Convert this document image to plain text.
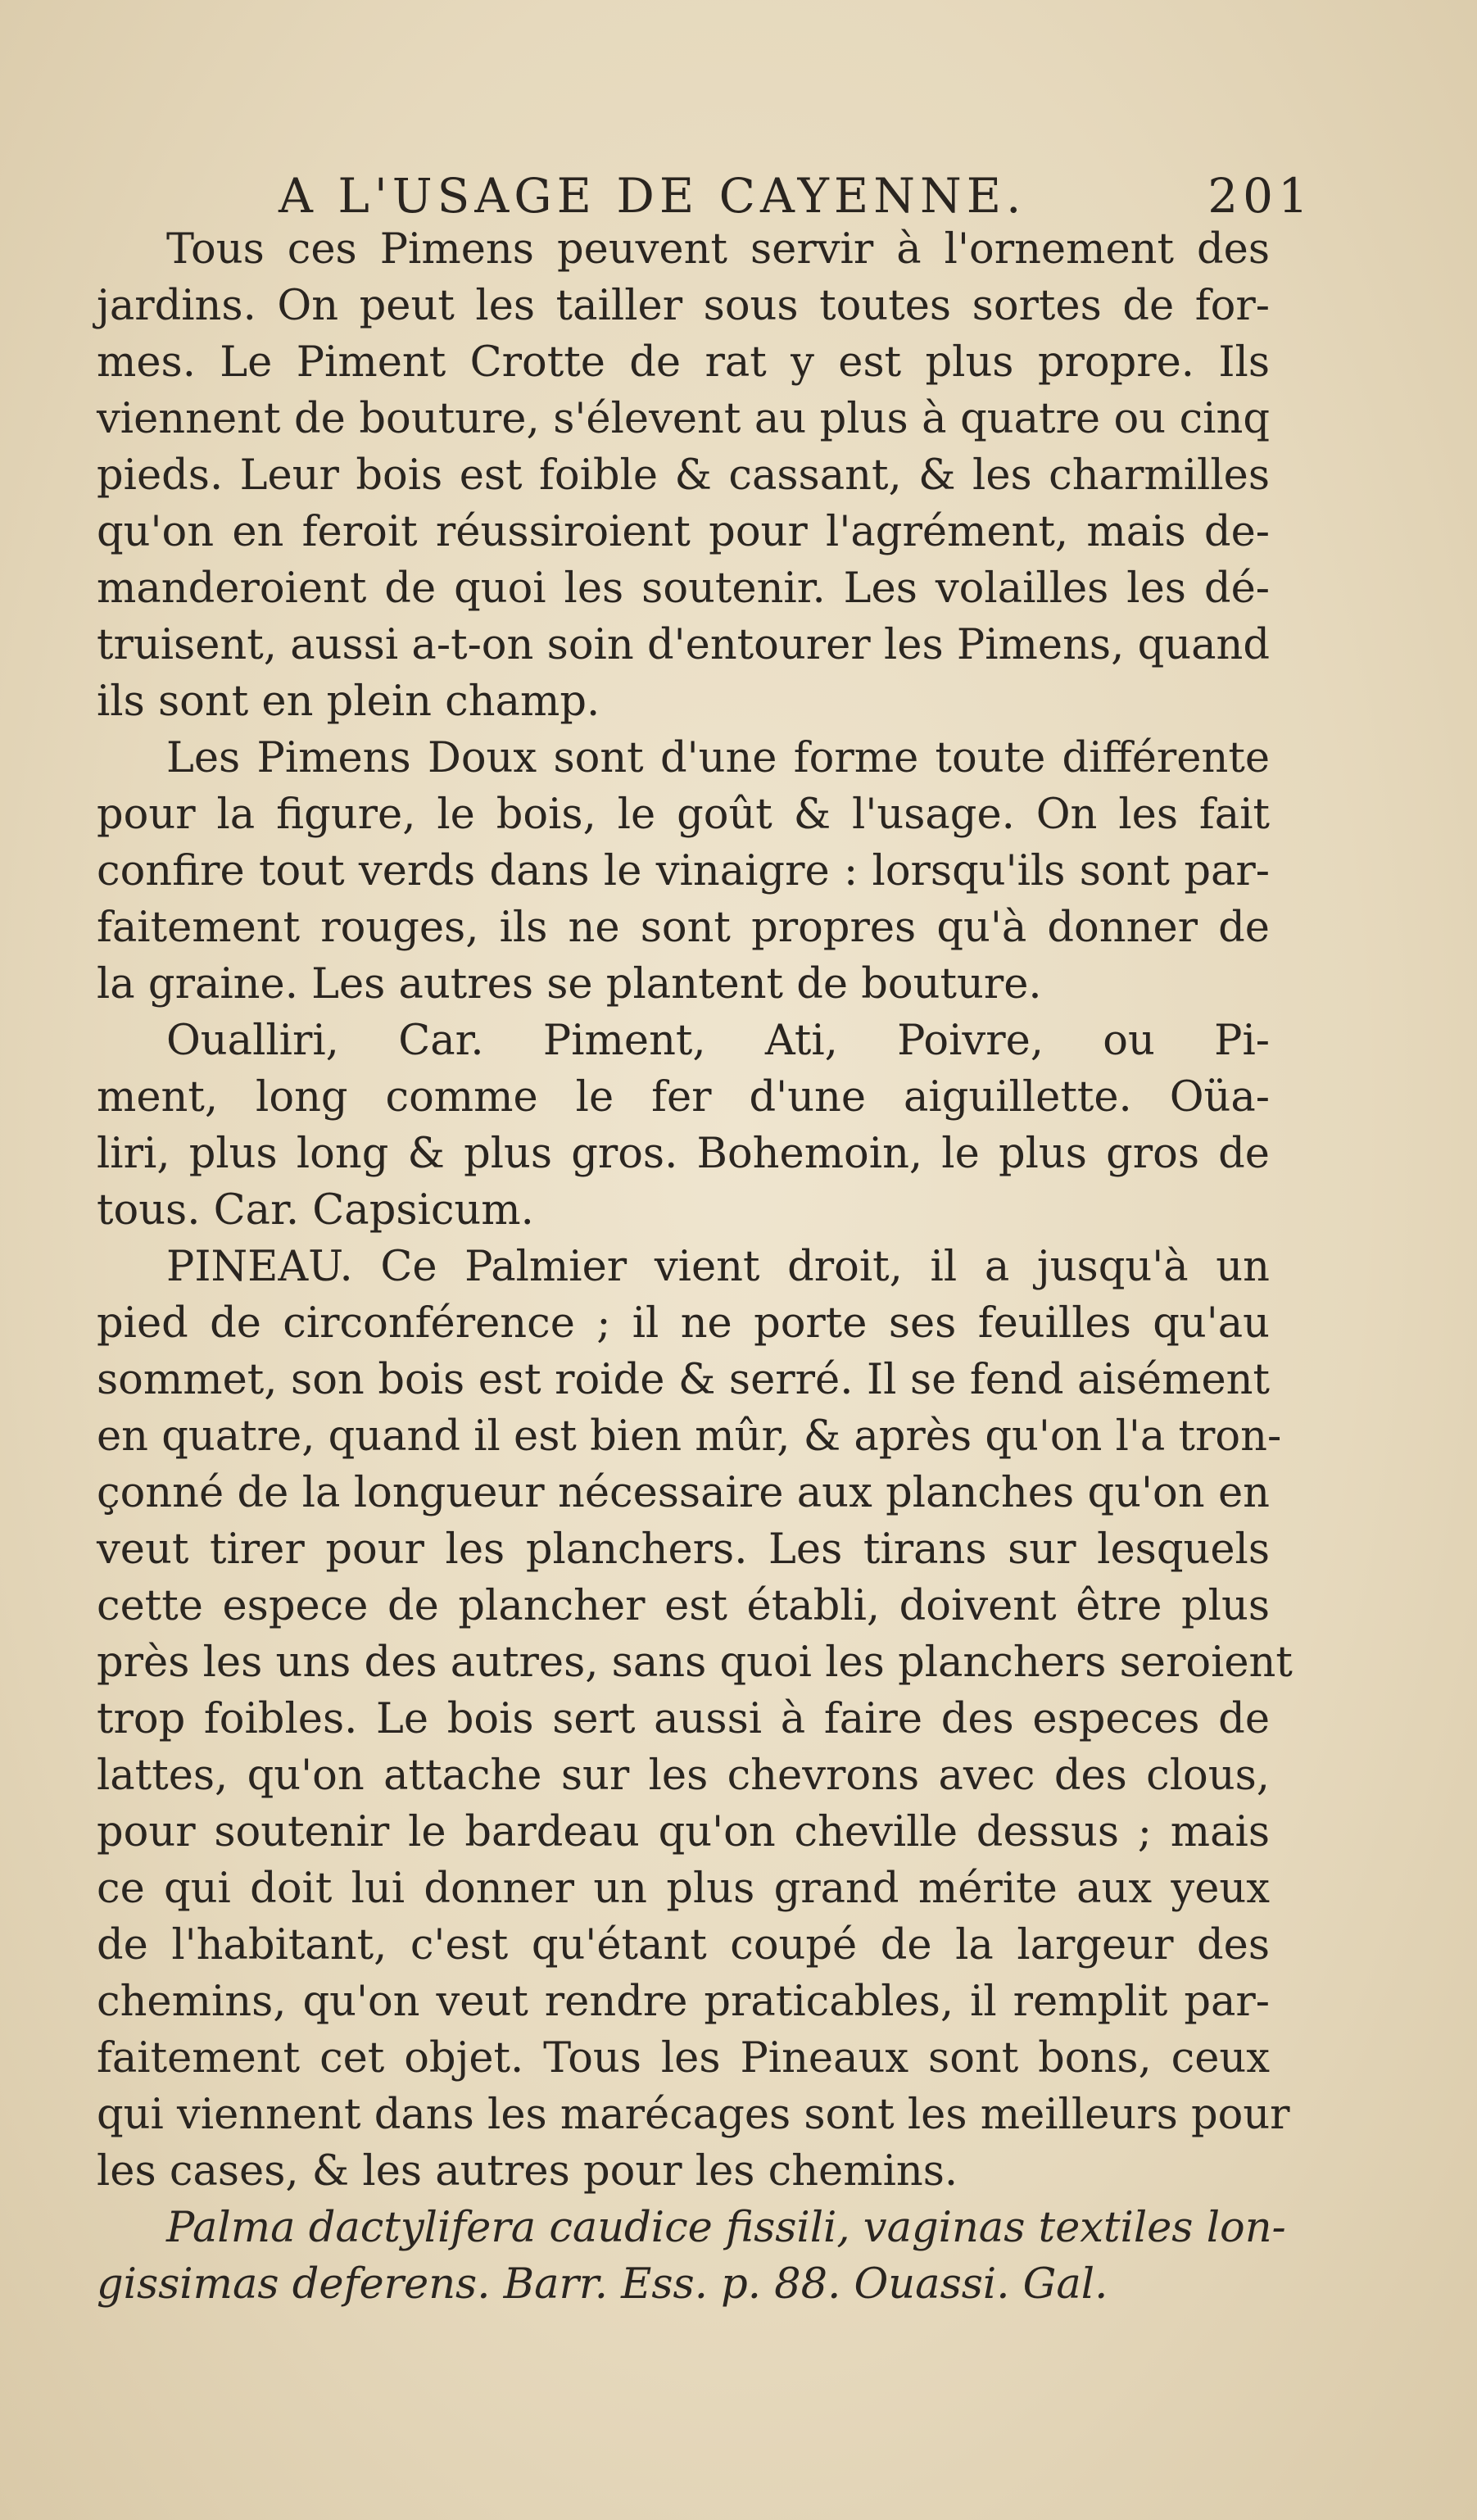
A L'USAGE DE CAYENNE.	201

Tous ces Pimens peuvent servir à l'ornement des
jardins. On peut les tailler sous toutes sortes de for-
mes. Le Piment Crotte de rat y est plus propre. Ils
viennent de bouture, s'élevent au plus à quatre ou cinq
pieds. Leur bois est foible & cassant, & les charmilles
qu'on en feroit réussiroient pour l'agrément, mais de-
manderoient de quoi les soutenir. Les volailles les dé-
truisent, aussi a-t-on soin d'entourer les Pimens, quand
ils sont en plein champ.

Les Pimens Doux sont d'une forme toute différente
pour la figure, le bois, le goût & l'usage. On les fait
confire tout verds dans le vinaigre : lorsqu'ils sont par-
faitement rouges, ils ne sont propres qu'à donner de
la graine. Les autres se plantent de bouture.

Oualliri, Car. Piment, Ati, Poivre, ou Pi-
ment, long comme le fer d'une aiguillette. Oüa-
liri, plus long & plus gros. Bohemoin, le plus gros de
tous. Car. Capsicum.

PINEAU. Ce Palmier vient droit, il a jusqu'à un
pied de circonférence ; il ne porte ses feuilles qu'au
sommet, son bois est roide & serré. Il se fend aisément
en quatre, quand il est bien mûr, & après qu'on l'a tron-
çonné de la longueur nécessaire aux planches qu'on en
veut tirer pour les planchers. Les tirans sur lesquels
cette espece de plancher est établi, doivent être plus
près les uns des autres, sans quoi les planchers seroient
trop foibles. Le bois sert aussi à faire des especes de
lattes, qu'on attache sur les chevrons avec des clous,
pour soutenir le bardeau qu'on cheville dessus ; mais
ce qui doit lui donner un plus grand mérite aux yeux
de l'habitant, c'est qu'étant coupé de la largeur des
chemins, qu'on veut rendre praticables, il remplit par-
faitement cet objet. Tous les Pineaux sont bons, ceux
qui viennent dans les marécages sont les meilleurs pour
les cases, & les autres pour les chemins.

Palma dactylifera caudice fissili, vaginas textiles lon-
gissimas deferens. Barr. Ess. p. 88. Ouassi. Gal.
